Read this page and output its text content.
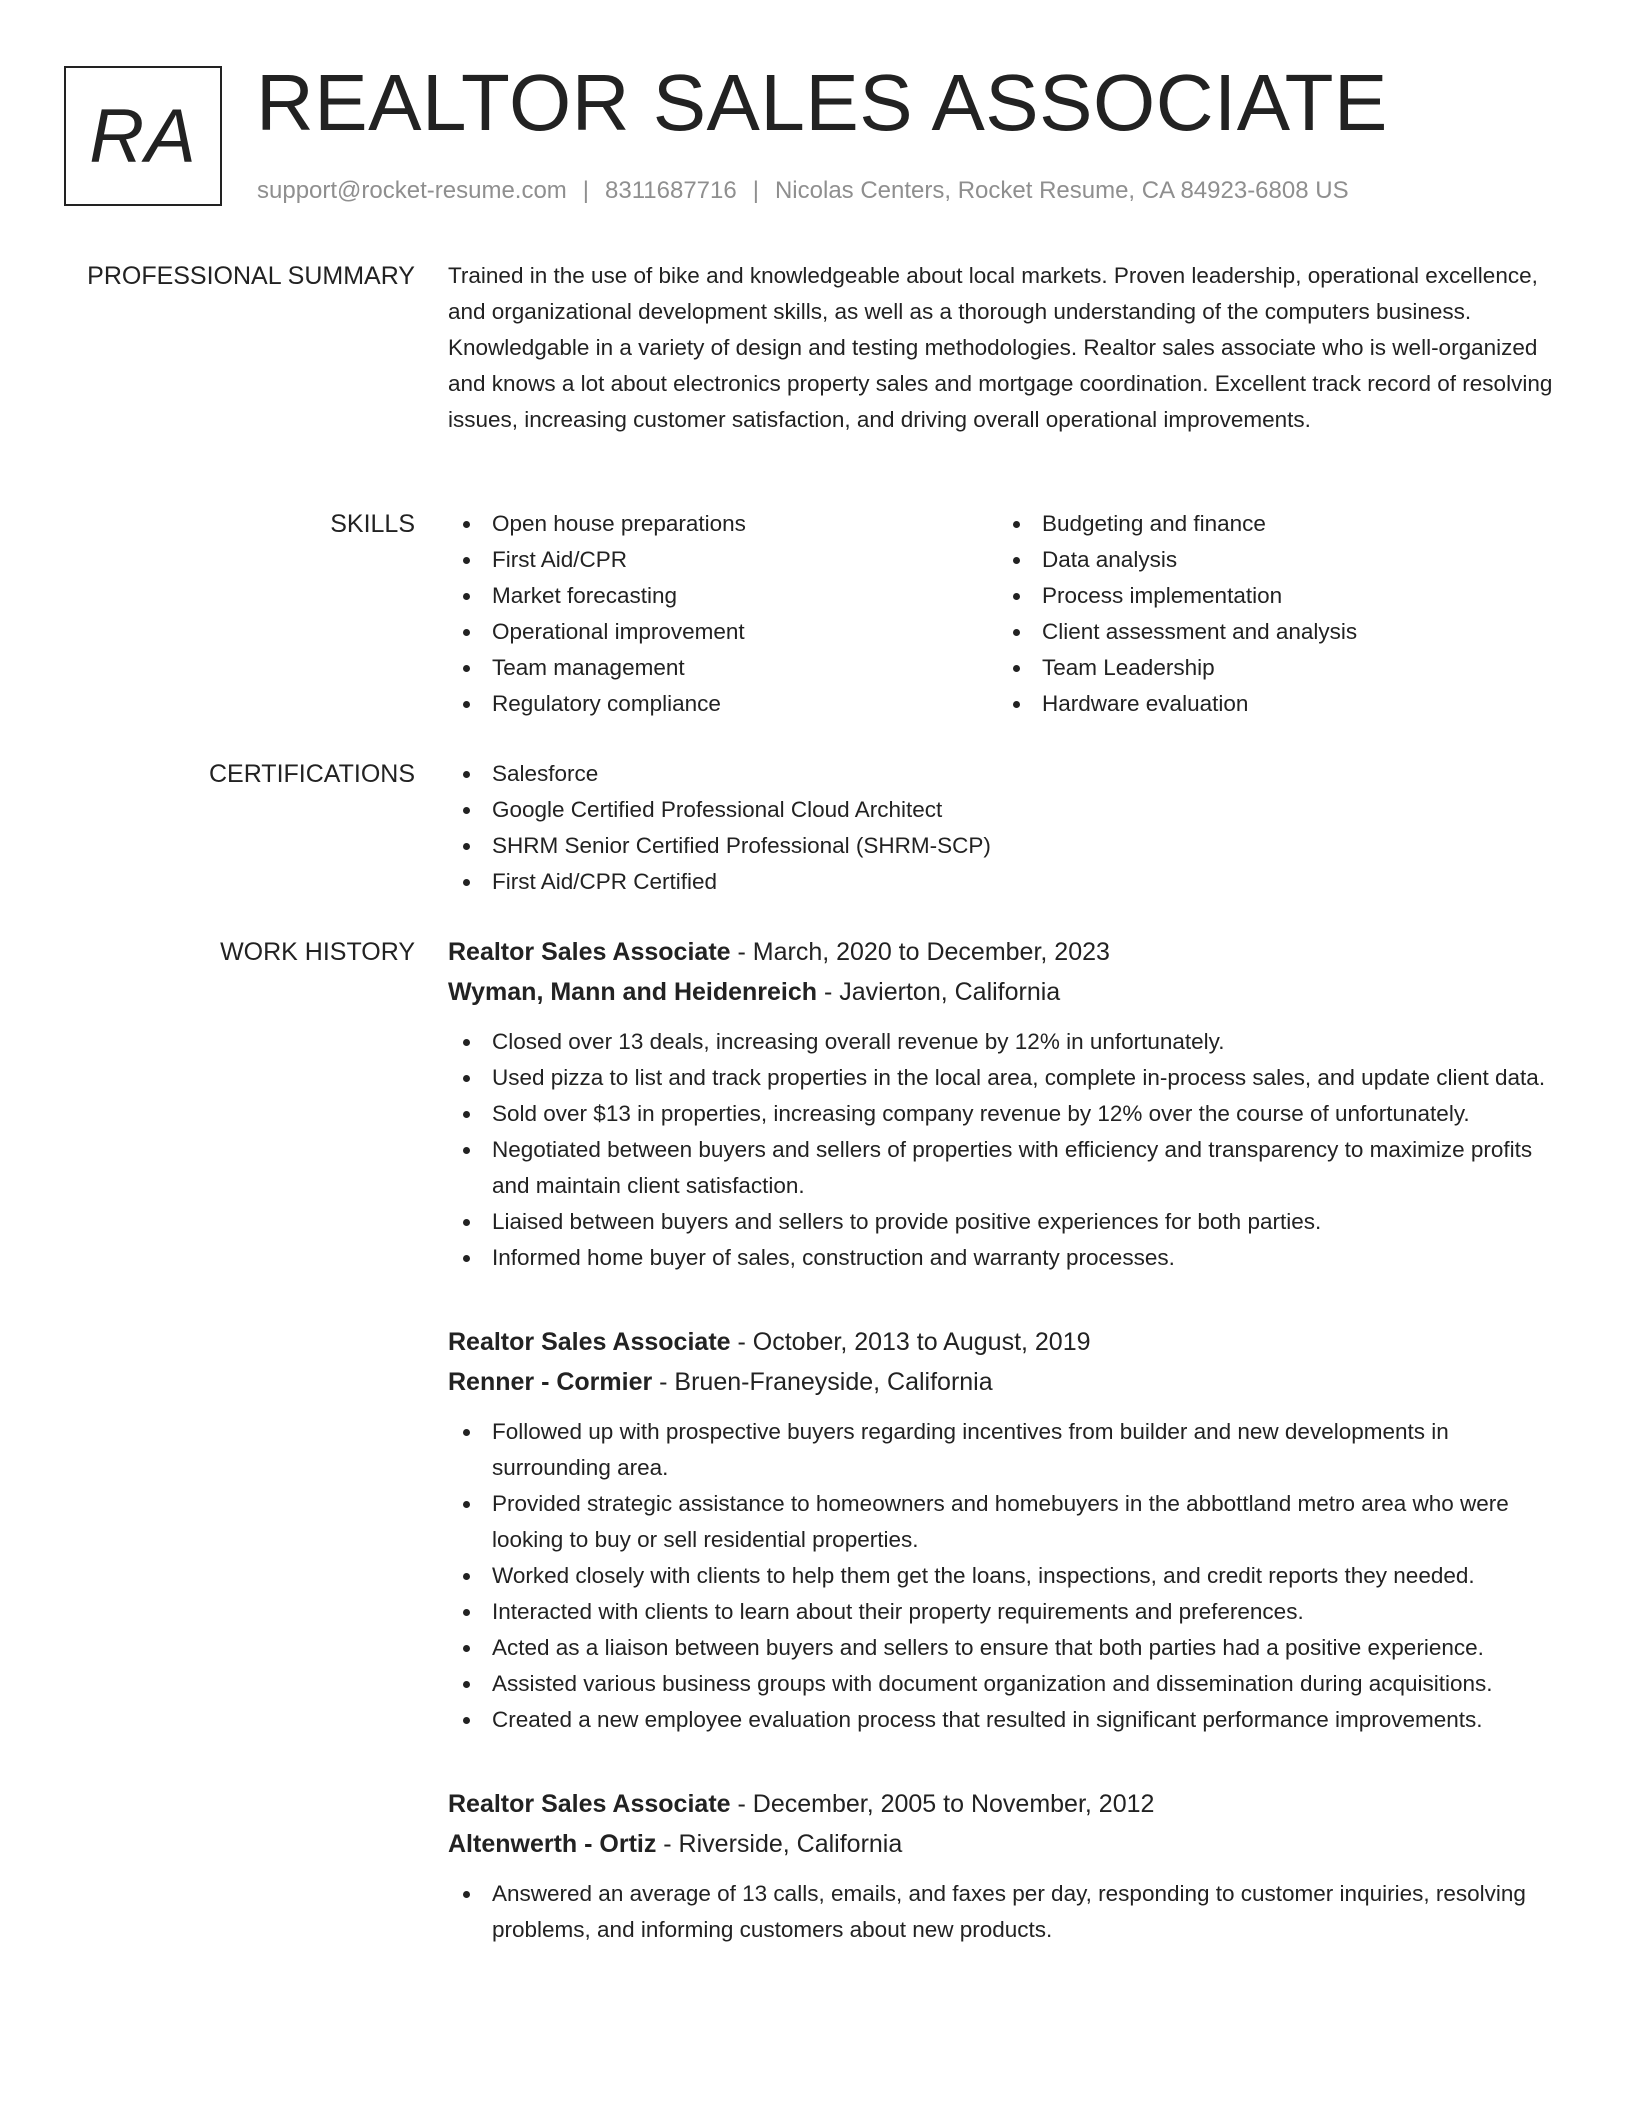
RA REALTOR SALES ASSOCIATE
support@rocket-resume.com | 8311687716 | Nicolas Centers, Rocket Resume, CA 84923-6808 US
PROFESSIONAL SUMMARY Trained in the use of bike and knowledgeable about local markets. Proven leadership, operational excellence, and organizational development skills, as well as a thorough understanding of the computers business. Knowledgable in a variety of design and testing methodologies. Realtor sales associate who is well-organized and knows a lot about electronics property sales and mortgage coordination. Excellent track record of resolving issues, increasing customer satisfaction, and driving overall operational improvements.

SKILLS	Open house preparations
First Aid/CPR
Market forecasting
Operational improvement
Team management
Regulatory compliance
Budgeting and finance
Data analysis
Process implementation
Client assessment and analysis
Team Leadership
Hardware evaluation
CERTIFICATIONS	Salesforce
Google Certified Professional Cloud Architect
SHRM Senior Certified Professional (SHRM-SCP)
First Aid/CPR Certified
WORK HISTORY Realtor Sales Associate - March, 2020 to December, 2023
Wyman, Mann and Heidenreich - Javierton, California
Closed over 13 deals, increasing overall revenue by 12% in unfortunately.
Used pizza to list and track properties in the local area, complete in-process sales, and update client data.
Sold over $13 in properties, increasing company revenue by 12% over the course of unfortunately.
Negotiated between buyers and sellers of properties with efficiency and transparency to maximize profits and maintain client satisfaction.
Liaised between buyers and sellers to provide positive experiences for both parties.
Informed home buyer of sales, construction and warranty processes.
Realtor Sales Associate - October, 2013 to August, 2019
Renner - Cormier - Bruen-Franeyside, California
Followed up with prospective buyers regarding incentives from builder and new developments in surrounding area.
Provided strategic assistance to homeowners and homebuyers in the abbottland metro area who were looking to buy or sell residential properties.
Worked closely with clients to help them get the loans, inspections, and credit reports they needed.
Interacted with clients to learn about their property requirements and preferences.
Acted as a liaison between buyers and sellers to ensure that both parties had a positive experience.
Assisted various business groups with document organization and dissemination during acquisitions.
Created a new employee evaluation process that resulted in significant performance improvements.
Realtor Sales Associate - December, 2005 to November, 2012
Altenwerth - Ortiz - Riverside, California
Answered an average of 13 calls, emails, and faxes per day, responding to customer inquiries, resolving problems, and informing customers about new products.
